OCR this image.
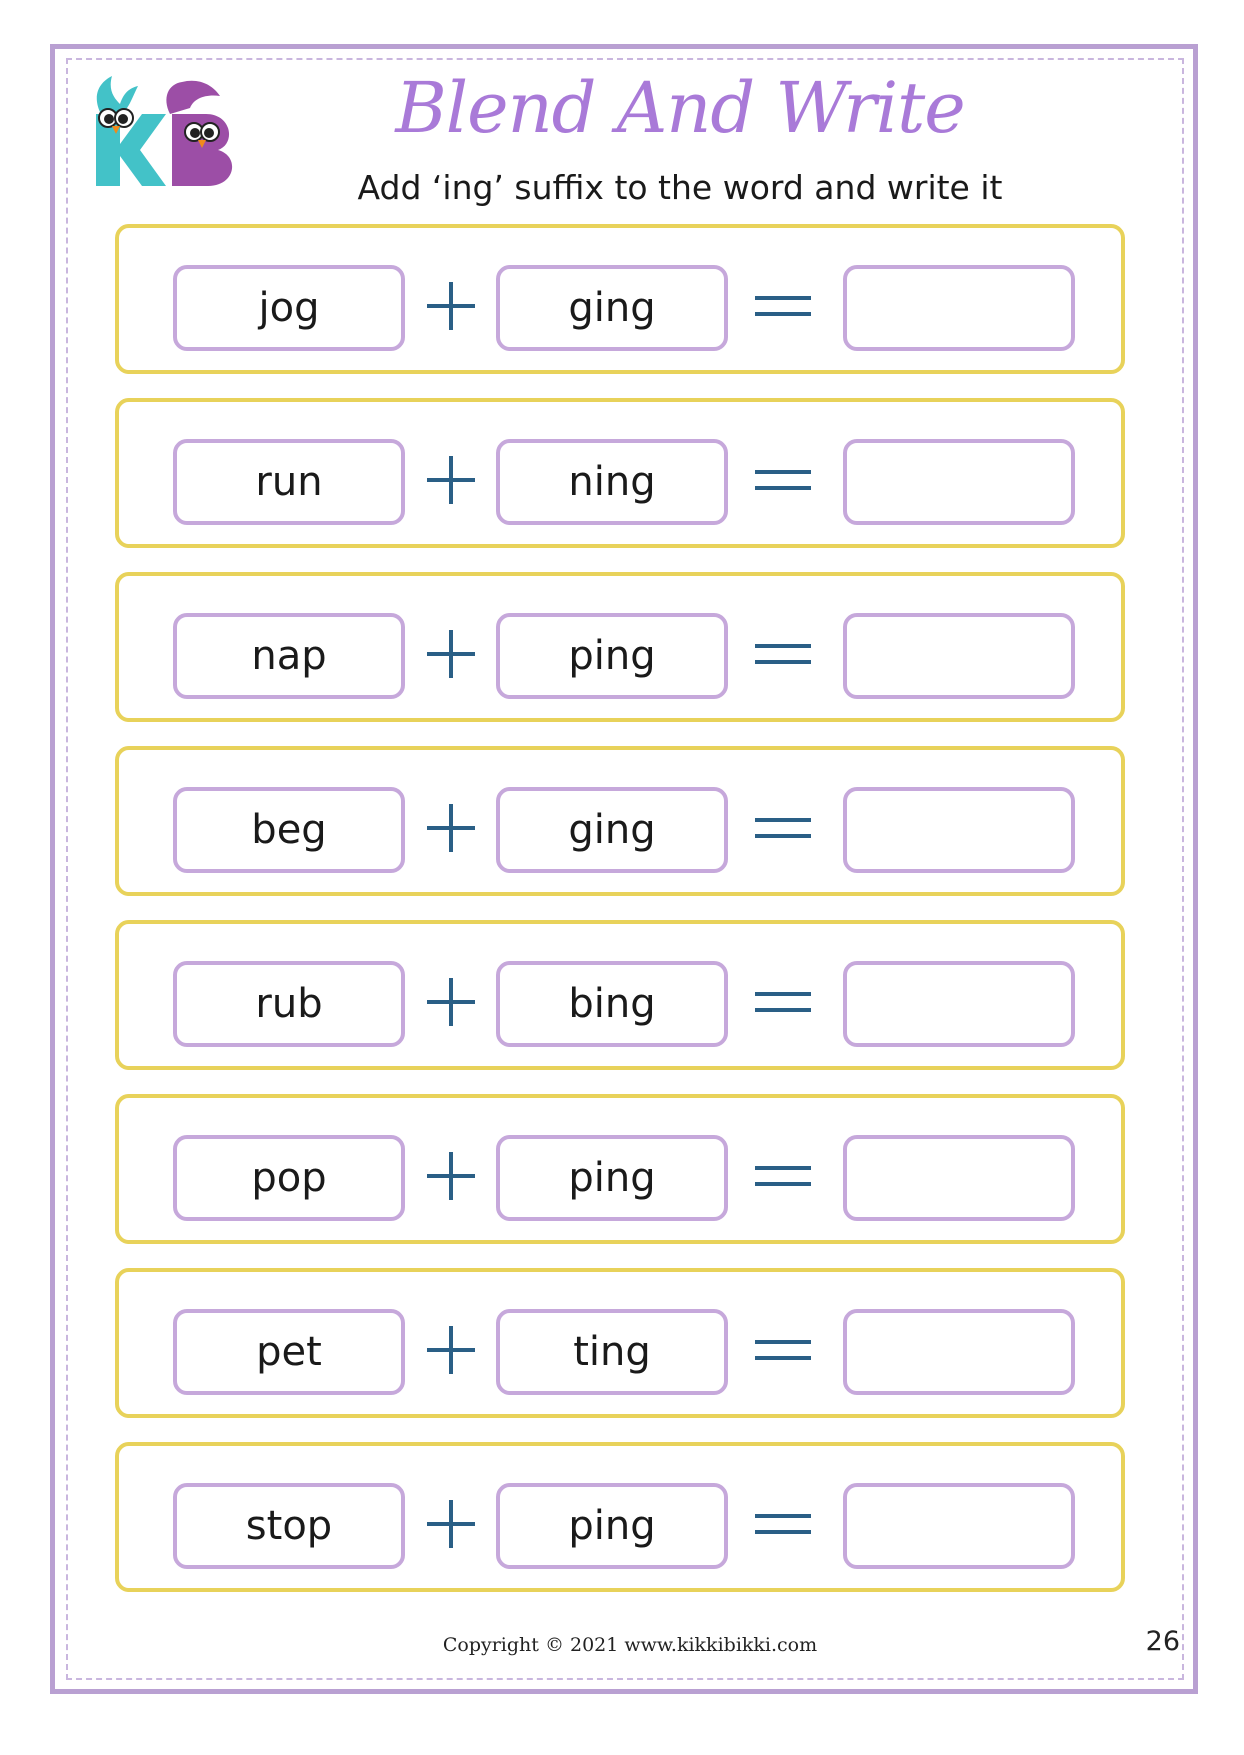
Blend And Write
Add ‘ing’ suffix to the word and write it
jog	ging
run	ning
nap	ping
beg	ging
rub	bing
pop	ping
pet	ting
stop	ping
Copyright © 2021 www.kikkibikki.com	26
